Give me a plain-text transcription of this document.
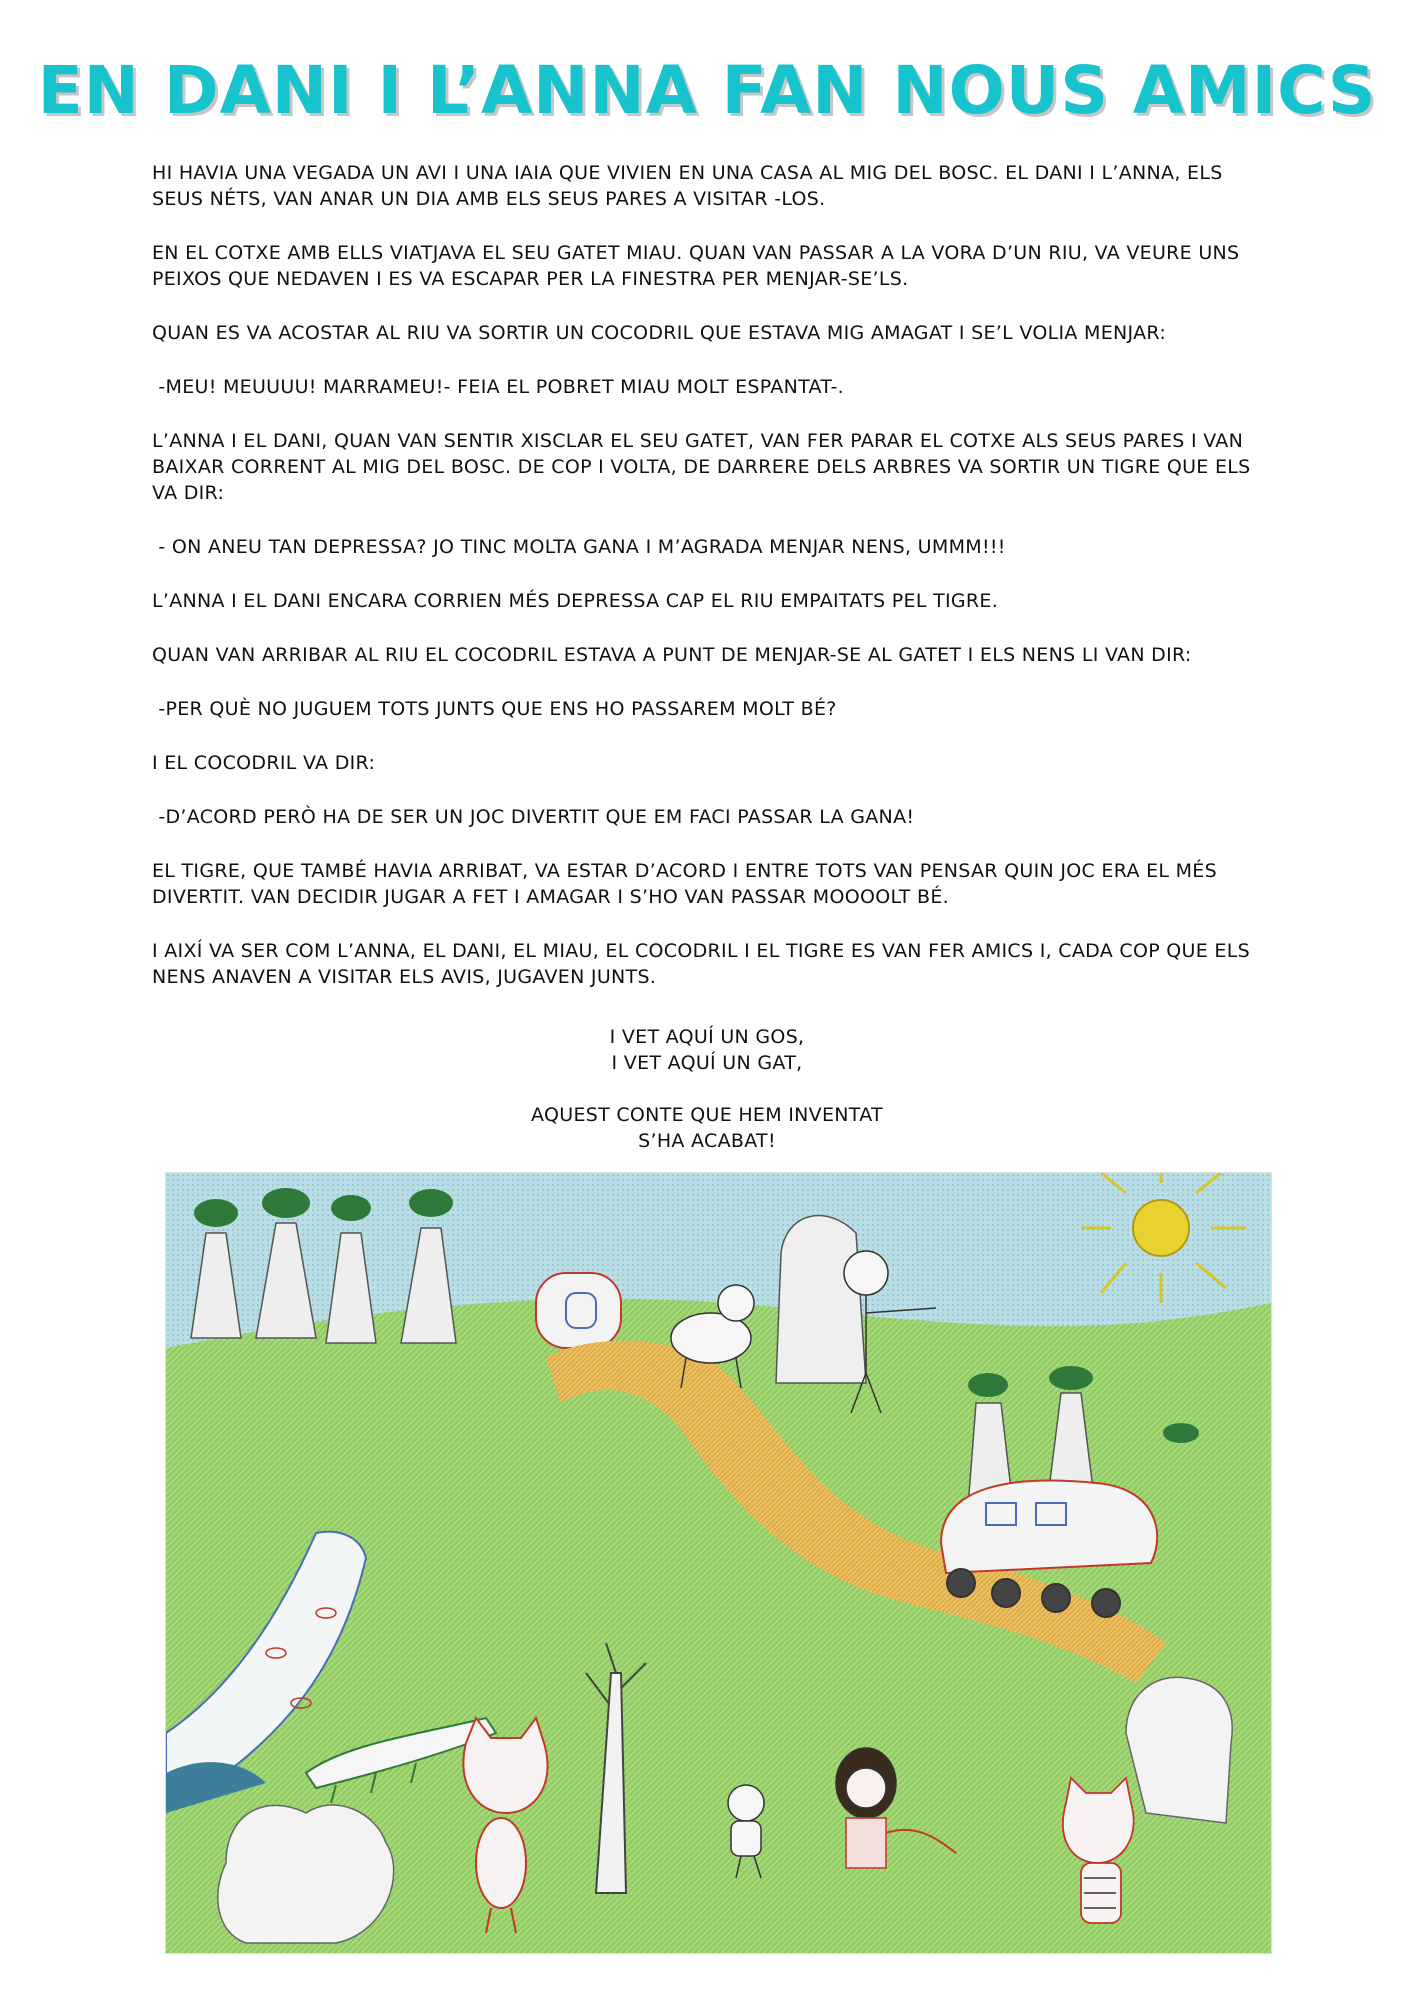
EN DANI I L’ANNA FAN NOUS AMICS

HI HAVIA UNA VEGADA UN AVI I UNA IAIA QUE VIVIEN EN UNA CASA AL MIG DEL BOSC. EL DANI I L’ANNA, ELS SEUS NÉTS, VAN ANAR UN DIA AMB ELS SEUS PARES A VISITAR -LOS.

EN EL COTXE AMB ELLS VIATJAVA EL SEU GATET MIAU. QUAN VAN PASSAR A LA VORA D’UN RIU, VA VEURE UNS PEIXOS QUE NEDAVEN I ES VA ESCAPAR PER LA FINESTRA PER MENJAR-SE’LS.

QUAN ES VA ACOSTAR AL RIU VA SORTIR UN COCODRIL QUE ESTAVA MIG AMAGAT I SE’L VOLIA MENJAR:

-MEU! MEUUUU! MARRAMEU!- FEIA EL POBRET MIAU MOLT ESPANTAT-.

L’ANNA I EL DANI, QUAN VAN SENTIR XISCLAR EL SEU GATET, VAN FER PARAR EL COTXE ALS SEUS PARES I VAN BAIXAR CORRENT AL MIG DEL BOSC. DE COP I VOLTA, DE DARRERE DELS ARBRES VA SORTIR UN TIGRE QUE ELS VA DIR:

- ON ANEU TAN DEPRESSA? JO TINC MOLTA GANA I M’AGRADA MENJAR NENS, UMMM!!!

L’ANNA I EL DANI ENCARA CORRIEN MÉS DEPRESSA CAP EL RIU EMPAITATS PEL TIGRE.

QUAN VAN ARRIBAR AL RIU EL COCODRIL ESTAVA A PUNT DE MENJAR-SE AL GATET I ELS NENS LI VAN DIR:

-PER QUÈ NO JUGUEM TOTS JUNTS QUE ENS HO PASSAREM MOLT BÉ?

I EL COCODRIL VA DIR:

-D’ACORD PERÒ HA DE SER UN JOC DIVERTIT QUE EM FACI PASSAR LA GANA!

EL TIGRE, QUE TAMBÉ HAVIA ARRIBAT, VA ESTAR D’ACORD I ENTRE TOTS VAN PENSAR QUIN JOC ERA EL MÉS DIVERTIT. VAN DECIDIR JUGAR A FET I AMAGAR I S’HO VAN PASSAR MOOOOLT BÉ.

I AIXÍ VA SER COM L’ANNA, EL DANI, EL MIAU, EL COCODRIL I EL TIGRE ES VAN FER AMICS I, CADA COP QUE ELS NENS ANAVEN A VISITAR ELS AVIS, JUGAVEN JUNTS.

I VET AQUÍ UN GOS,
I VET AQUÍ UN GAT,

AQUEST CONTE QUE HEM INVENTAT
S’HA ACABAT!
